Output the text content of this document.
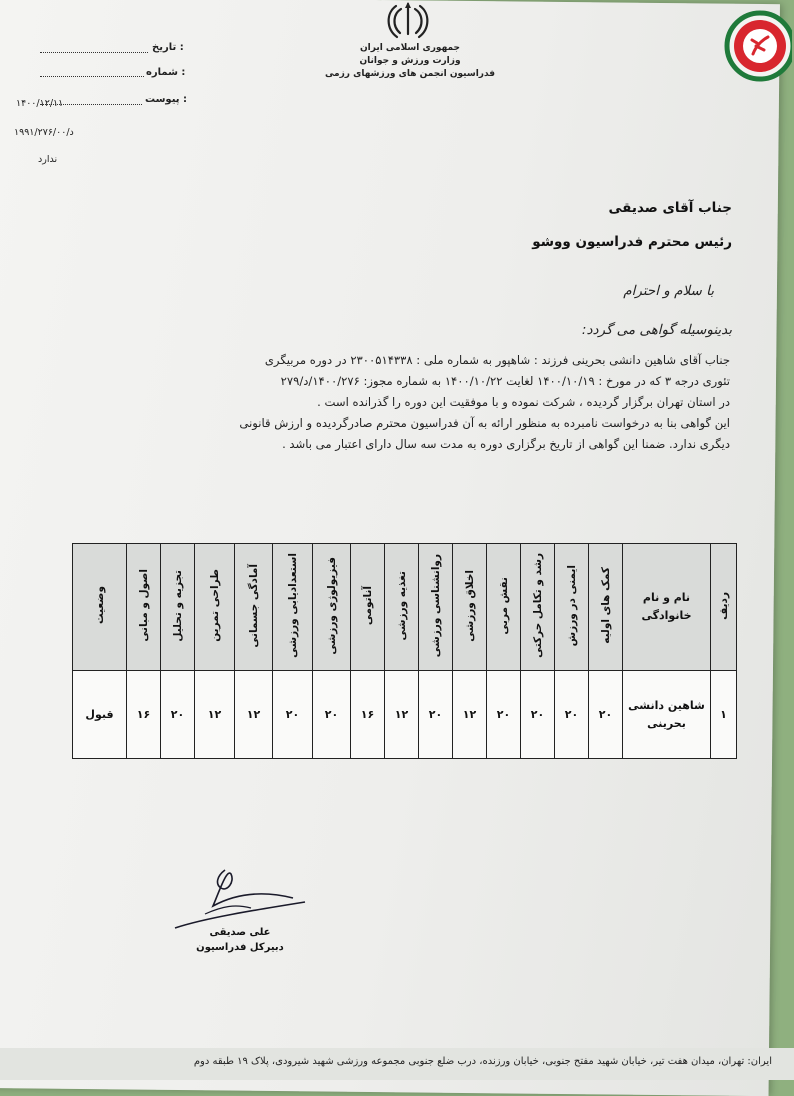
جمهوری اسلامی ایران
وزارت ورزش و جوانان
فدراسیون انجمن های ورزشهای رزمی
تاریخ :
شماره :
پیوست :
۱۴۰۰/۱۲/۱۱
۱۹۹۱/د/۲۷۶/۰۰
ندارد
جناب آقای صدیقی
رئیس محترم فدراسیون ووشو
با سلام و احترام
بدینوسیله گواهی می گردد:
جناب آقای شاهین دانشی بحرینی فرزند : شاهپور به شماره ملی : ۲۳۰۰۵۱۴۳۳۸ در دوره مربیگری
تئوری درجه ۳ که در مورخ : ۱۴۰۰/۱۰/۱۹ لغایت ۱۴۰۰/۱۰/۲۲ به شماره مجوز: ۱۴۰۰/۲۷۶/د/۲۷۹
در استان تهران برگزار گردیده ، شرکت نموده و با موفقیت این دوره را گذرانده است .
این گواهی بنا به درخواست نامبرده به منظور ارائه به آن فدراسیون محترم صادرگردیده و ارزش قانونی
دیگری ندارد. ضمنا این گواهی از تاریخ برگزاری دوره به مدت سه سال دارای اعتبار می باشد .
ردیف	نام و نام خانوادگی	کمک های اولیه	ایمنی در ورزش	رشد و تکامل حرکتی	نقش مربی	اخلاق ورزشی	روانشناسی ورزشی	تغذیه ورزشی	آناتومی	فیزیولوژی ورزشی	استعدادیابی ورزشی	آمادگی جسمانی	طراحی تمرین	تجزیه و تحلیل	اصول و مبانی	وضعیت
۱	شاهین دانشی بحرینی	۲۰	۲۰	۲۰	۲۰	۱۲	۲۰	۱۲	۱۶	۲۰	۲۰	۱۲	۱۲	۲۰	۱۶	قبول
علی صدیقی
دبیرکل فدراسیون
ایران: تهران، میدان هفت تیر، خیابان شهید مفتح جنوبی، خیابان ورزنده، درب ضلع جنوبی مجموعه ورزشی شهید شیرودی، پلاک ۱۹ طبقه دوم
